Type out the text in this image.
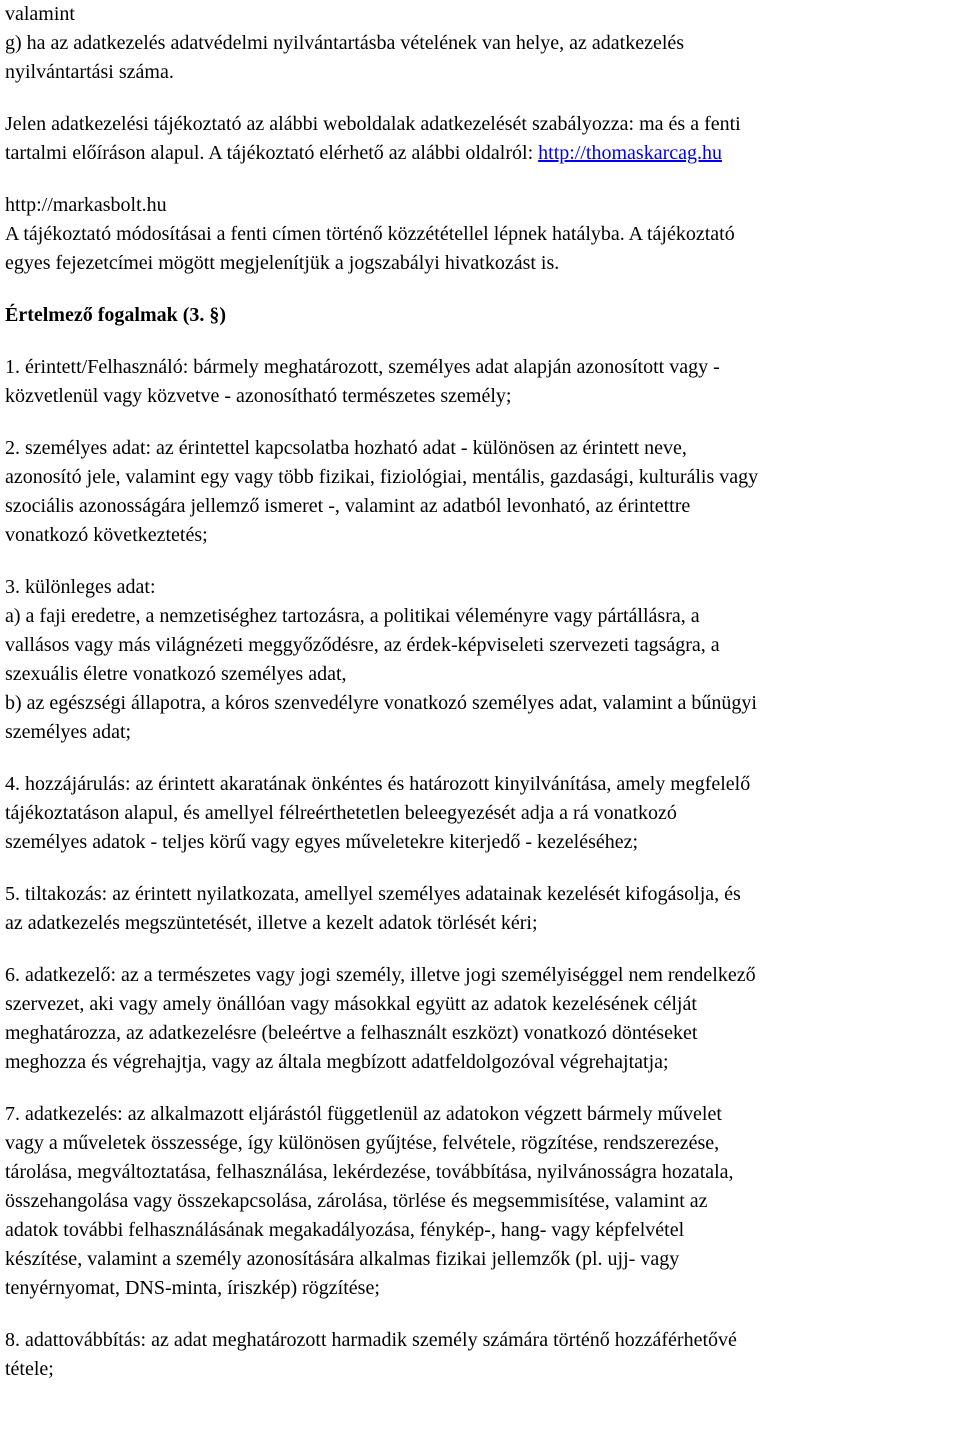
valamint
g) ha az adatkezelés adatvédelmi nyilvántartásba vételének van helye, az adatkezelés
nyilvántartási száma.
Jelen adatkezelési tájékoztató az alábbi weboldalak adatkezelését szabályozza: ma és a fenti
tartalmi előíráson alapul. A tájékoztató elérhető az alábbi oldalról: http://thomaskarcag.hu
http://markasbolt.hu
A tájékoztató módosításai a fenti címen történő közzététellel lépnek hatályba. A tájékoztató
egyes fejezetcímei mögött megjelenítjük a jogszabályi hivatkozást is.
Értelmező fogalmak (3. §)
1. érintett/Felhasználó: bármely meghatározott, személyes adat alapján azonosított vagy -
közvetlenül vagy közvetve - azonosítható természetes személy;
2. személyes adat: az érintettel kapcsolatba hozható adat - különösen az érintett neve,
azonosító jele, valamint egy vagy több fizikai, fiziológiai, mentális, gazdasági, kulturális vagy
szociális azonosságára jellemző ismeret -, valamint az adatból levonható, az érintettre
vonatkozó következtetés;
3. különleges adat:
a) a faji eredetre, a nemzetiséghez tartozásra, a politikai véleményre vagy pártállásra, a
vallásos vagy más világnézeti meggyőződésre, az érdek-képviseleti szervezeti tagságra, a
szexuális életre vonatkozó személyes adat,
b) az egészségi állapotra, a kóros szenvedélyre vonatkozó személyes adat, valamint a bűnügyi
személyes adat;
4. hozzájárulás: az érintett akaratának önkéntes és határozott kinyilvánítása, amely megfelelő
tájékoztatáson alapul, és amellyel félreérthetetlen beleegyezését adja a rá vonatkozó
személyes adatok - teljes körű vagy egyes műveletekre kiterjedő - kezeléséhez;
5. tiltakozás: az érintett nyilatkozata, amellyel személyes adatainak kezelését kifogásolja, és
az adatkezelés megszüntetését, illetve a kezelt adatok törlését kéri;
6. adatkezelő: az a természetes vagy jogi személy, illetve jogi személyiséggel nem rendelkező
szervezet, aki vagy amely önállóan vagy másokkal együtt az adatok kezelésének célját
meghatározza, az adatkezelésre (beleértve a felhasznált eszközt) vonatkozó döntéseket
meghozza és végrehajtja, vagy az általa megbízott adatfeldolgozóval végrehajtatja;
7. adatkezelés: az alkalmazott eljárástól függetlenül az adatokon végzett bármely művelet
vagy a műveletek összessége, így különösen gyűjtése, felvétele, rögzítése, rendszerezése,
tárolása, megváltoztatása, felhasználása, lekérdezése, továbbítása, nyilvánosságra hozatala,
összehangolása vagy összekapcsolása, zárolása, törlése és megsemmisítése, valamint az
adatok további felhasználásának megakadályozása, fénykép-, hang- vagy képfelvétel
készítése, valamint a személy azonosítására alkalmas fizikai jellemzők (pl. ujj- vagy
tenyérnyomat, DNS-minta, íriszkép) rögzítése;
8. adattovábbítás: az adat meghatározott harmadik személy számára történő hozzáférhetővé
tétele;
